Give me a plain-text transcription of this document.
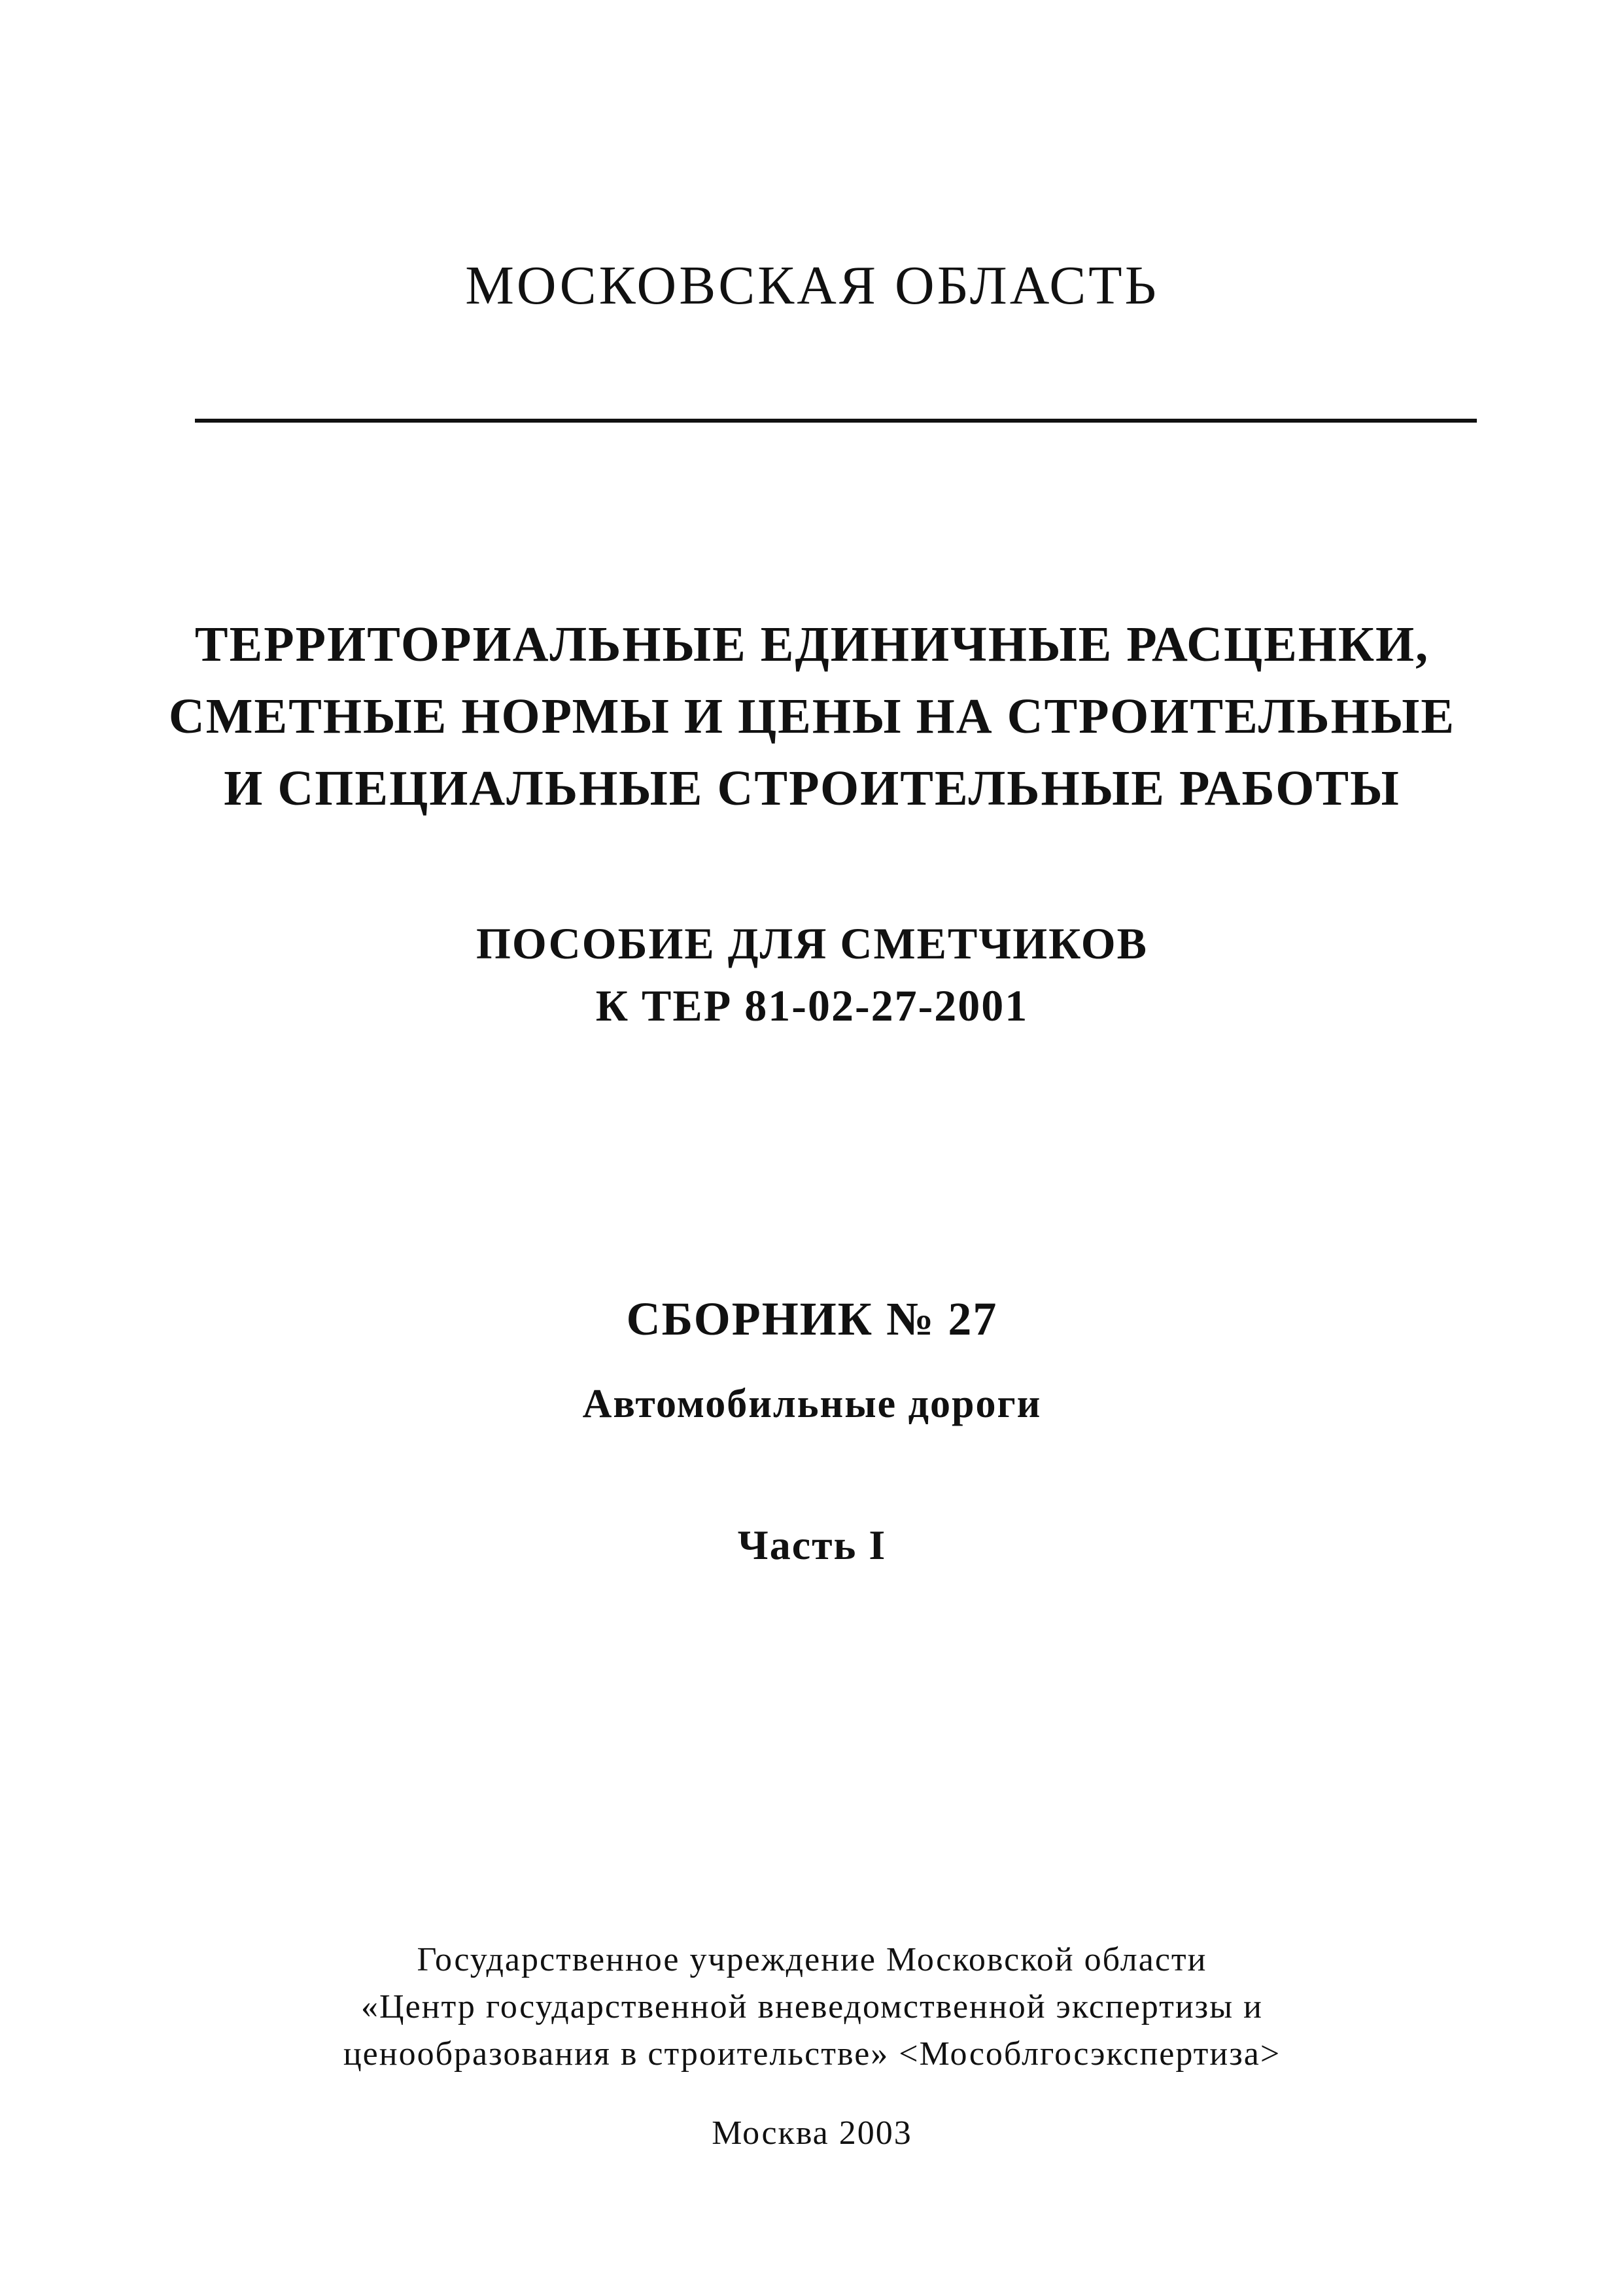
МОСКОВСКАЯ ОБЛАСТЬ
ТЕРРИТОРИАЛЬНЫЕ ЕДИНИЧНЫЕ РАСЦЕНКИ,
СМЕТНЫЕ НОРМЫ И ЦЕНЫ НА СТРОИТЕЛЬНЫЕ
И СПЕЦИАЛЬНЫЕ СТРОИТЕЛЬНЫЕ РАБОТЫ
ПОСОБИЕ ДЛЯ СМЕТЧИКОВ
К ТЕР 81-02-27-2001
СБОРНИК № 27
Автомобильные дороги
Часть I
Государственное учреждение Московской области
«Центр государственной вневедомственной экспертизы и
ценообразования в строительстве» <Мособлгосэкспертиза>
Москва 2003
